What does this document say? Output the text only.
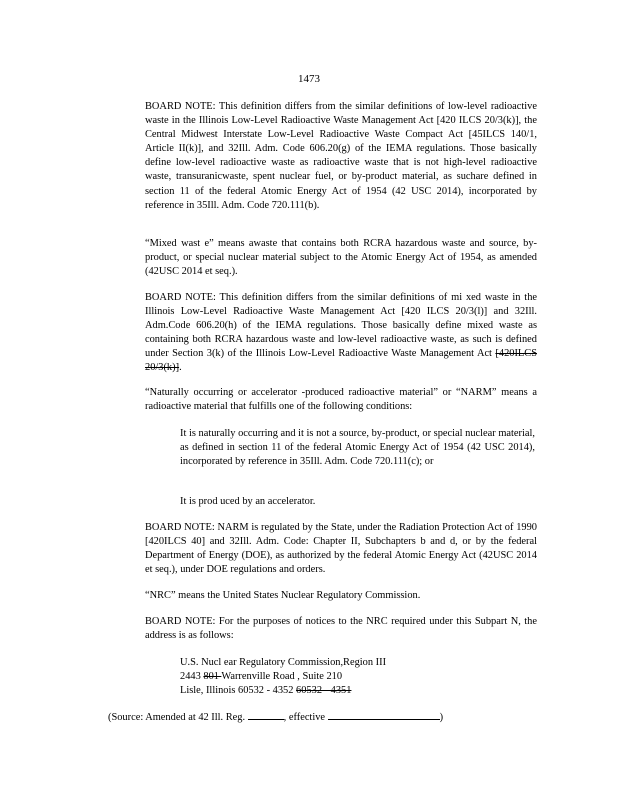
1473
BOARD NOTE: This definition differs from the similar definitions of low-level radioactive waste in the Illinois Low-Level Radioactive Waste Management Act [420 ILCS 20/3(k)], the Central Midwest Interstate Low-Level Radioactive Waste Compact Act [45ILCS 140/1, Article II(k)], and 32Ill. Adm. Code 606.20(g) of the IEMA regulations. Those basically define low-level radioactive waste as radioactive waste that is not high-level radioactive waste, transuranicwaste, spent nuclear fuel, or by-product material, as suchare defined in section 11 of the federal Atomic Energy Act of 1954 (42 USC 2014), incorporated by reference in 35Ill. Adm. Code 720.111(b).
“Mixed wast e” means awaste that contains both RCRA hazardous waste and source, by-product, or special nuclear material subject to the Atomic Energy Act of 1954, as amended (42USC 2014 et seq.).
BOARD NOTE: This definition differs from the similar definitions of mi xed waste in the Illinois Low-Level Radioactive Waste Management Act [420 ILCS 20/3(l)] and 32Ill. Adm.Code 606.20(h) of the IEMA regulations. Those basically define mixed waste as containing both RCRA hazardous waste and low-level radioactive waste, as such is defined under Section 3(k) of the Illinois Low-Level Radioactive Waste Management Act [420ILCS 20/3(k)].
“Naturally occurring or accelerator -produced radioactive material” or “NARM” means a radioactive material that fulfills one of the following conditions:
It is naturally occurring and it is not a source, by-product, or special nuclear material, as defined in section 11 of the federal Atomic Energy Act of 1954 (42 USC 2014), incorporated by reference in 35Ill. Adm. Code 720.111(c); or
It is prod uced by an accelerator.
BOARD NOTE: NARM is regulated by the State, under the Radiation Protection Act of 1990 [420ILCS 40] and 32Ill. Adm. Code: Chapter II, Subchapters b and d, or by the federal Department of Energy (DOE), as authorized by the federal Atomic Energy Act (42USC 2014 et seq.), under DOE regulations and orders.
“NRC” means the United States Nuclear Regulatory Commission.
BOARD NOTE: For the purposes of notices to the NRC required under this Subpart N, the address is as follows:
U.S. Nucl ear Regulatory Commission,Region III
2443 801 Warrenville Road , Suite 210
Lisle, Illinois 60532 - 4352 60532 - 4351
(Source: Amended at 42 Ill. Reg.	, effective	)
